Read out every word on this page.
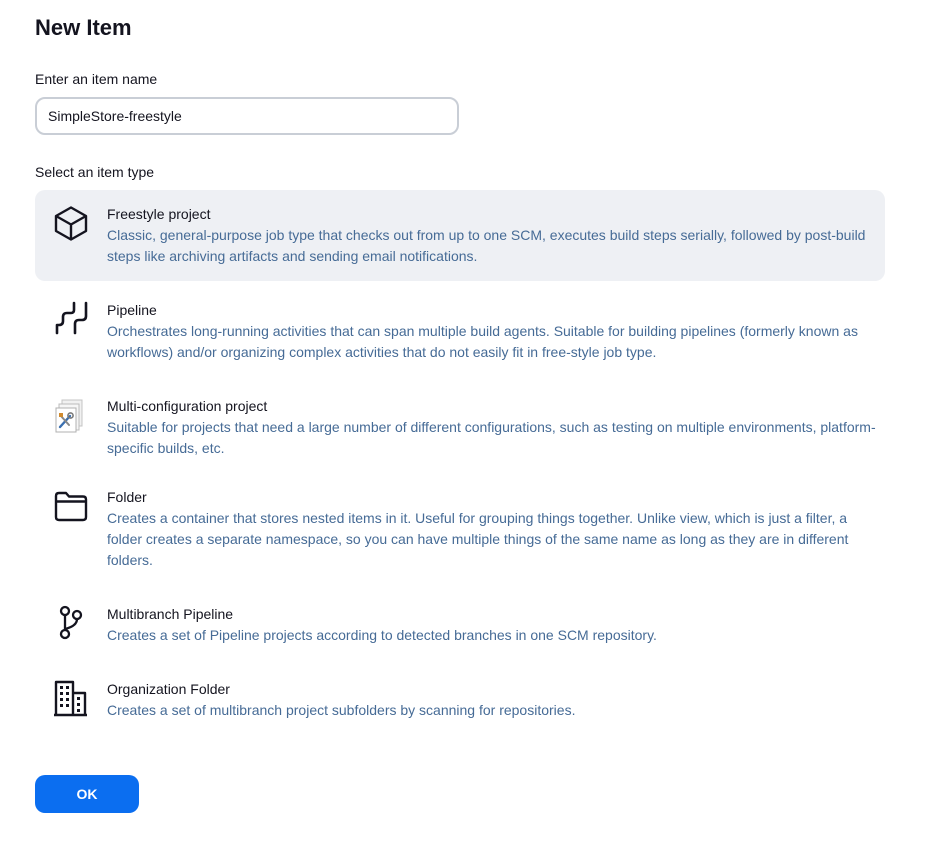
New Item
Enter an item name
SimpleStore-freestyle
Select an item type
Freestyle project
Classic, general-purpose job type that checks out from up to one SCM, executes build steps serially, followed by post-build steps like archiving artifacts and sending email notifications.
Pipeline
Orchestrates long-running activities that can span multiple build agents. Suitable for building pipelines (formerly known as workflows) and/or organizing complex activities that do not easily fit in free-style job type.
Multi-configuration project
Suitable for projects that need a large number of different configurations, such as testing on multiple environments, platform-specific builds, etc.
Folder
Creates a container that stores nested items in it. Useful for grouping things together. Unlike view, which is just a filter, a folder creates a separate namespace, so you can have multiple things of the same name as long as they are in different folders.
Multibranch Pipeline
Creates a set of Pipeline projects according to detected branches in one SCM repository.
Organization Folder
Creates a set of multibranch project subfolders by scanning for repositories.
OK
